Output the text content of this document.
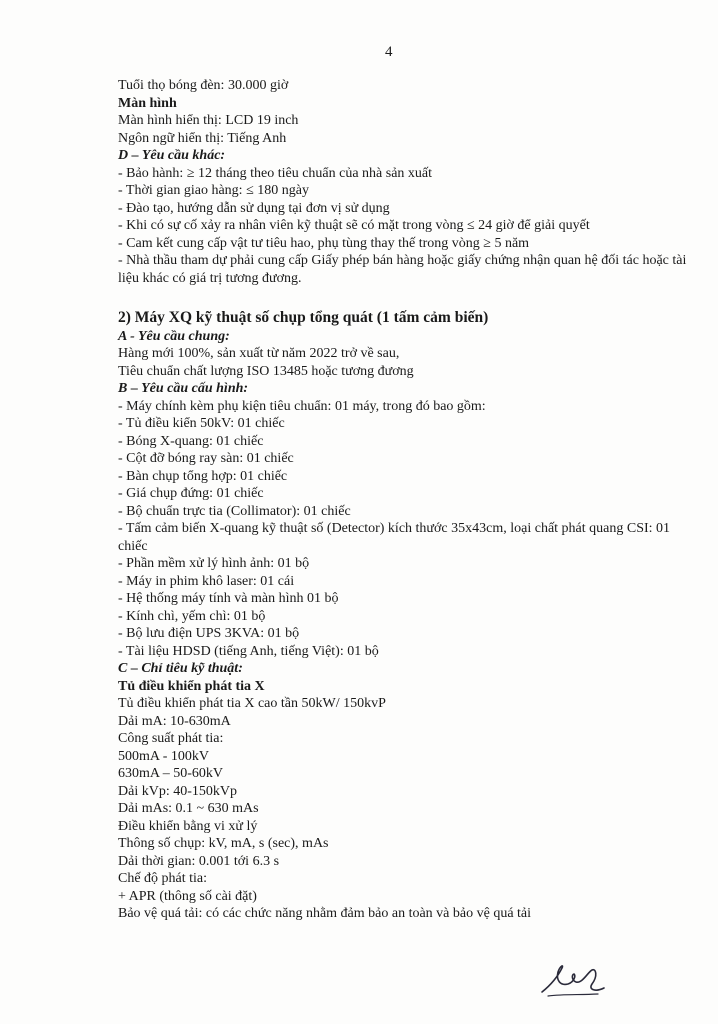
4
Tuổi thọ bóng đèn: 30.000 giờ
Màn hình
Màn hình hiển thị: LCD 19 inch
Ngôn ngữ hiển thị: Tiếng Anh
D – Yêu cầu khác:
- Bảo hành: ≥ 12 tháng theo tiêu chuẩn của nhà sản xuất
- Thời gian giao hàng: ≤ 180 ngày
- Đào tạo, hướng dẫn sử dụng tại đơn vị sử dụng
- Khi có sự cố xảy ra nhân viên kỹ thuật sẽ có mặt trong vòng ≤ 24 giờ để giải quyết
- Cam kết cung cấp vật tư tiêu hao, phụ tùng thay thế trong vòng ≥ 5 năm
- Nhà thầu tham dự phải cung cấp Giấy phép bán hàng hoặc giấy chứng nhận quan hệ đối tác hoặc tài liệu khác có giá trị tương đương.
2) Máy XQ kỹ thuật số chụp tổng quát (1 tấm cảm biến)
A - Yêu cầu chung:
Hàng mới 100%, sản xuất từ năm 2022 trở về sau,
Tiêu chuẩn chất lượng ISO 13485 hoặc tương đương
B – Yêu cầu cấu hình:
- Máy chính kèm phụ kiện tiêu chuẩn: 01 máy, trong đó bao gồm:
- Tủ điều kiển 50kV: 01 chiếc
- Bóng X-quang: 01 chiếc
- Cột đỡ bóng ray sàn: 01 chiếc
- Bàn chụp tổng hợp: 01 chiếc
- Giá chụp đứng: 01 chiếc
- Bộ chuẩn trực tia (Collimator): 01 chiếc
- Tấm cảm biến X-quang kỹ thuật số (Detector) kích thước 35x43cm, loại chất phát quang CSI: 01 chiếc
- Phần mềm xử lý hình ảnh: 01 bộ
- Máy in phim khô laser: 01 cái
- Hệ thống máy tính và màn hình 01 bộ
- Kính chì, yếm chì: 01 bộ
- Bộ lưu điện UPS 3KVA: 01 bộ
- Tài liệu HDSD (tiếng Anh, tiếng Việt): 01 bộ
C – Chỉ tiêu kỹ thuật:
Tủ điều khiển phát tia X
Tủ điều khiển phát tia X cao tần 50kW/ 150kvP
Dải mA: 10-630mA
Công suất phát tia:
500mA - 100kV
630mA – 50-60kV
Dải kVp: 40-150kVp
Dải mAs: 0.1 ~ 630 mAs
Điều khiển bằng vi xử lý
Thông số chụp: kV, mA, s (sec), mAs
Dải thời gian: 0.001 tới 6.3 s
Chế độ phát tia:
+ APR (thông số cài đặt)
Bảo vệ quá tải: có các chức năng nhằm đảm bảo an toàn và bảo vệ quá tải
